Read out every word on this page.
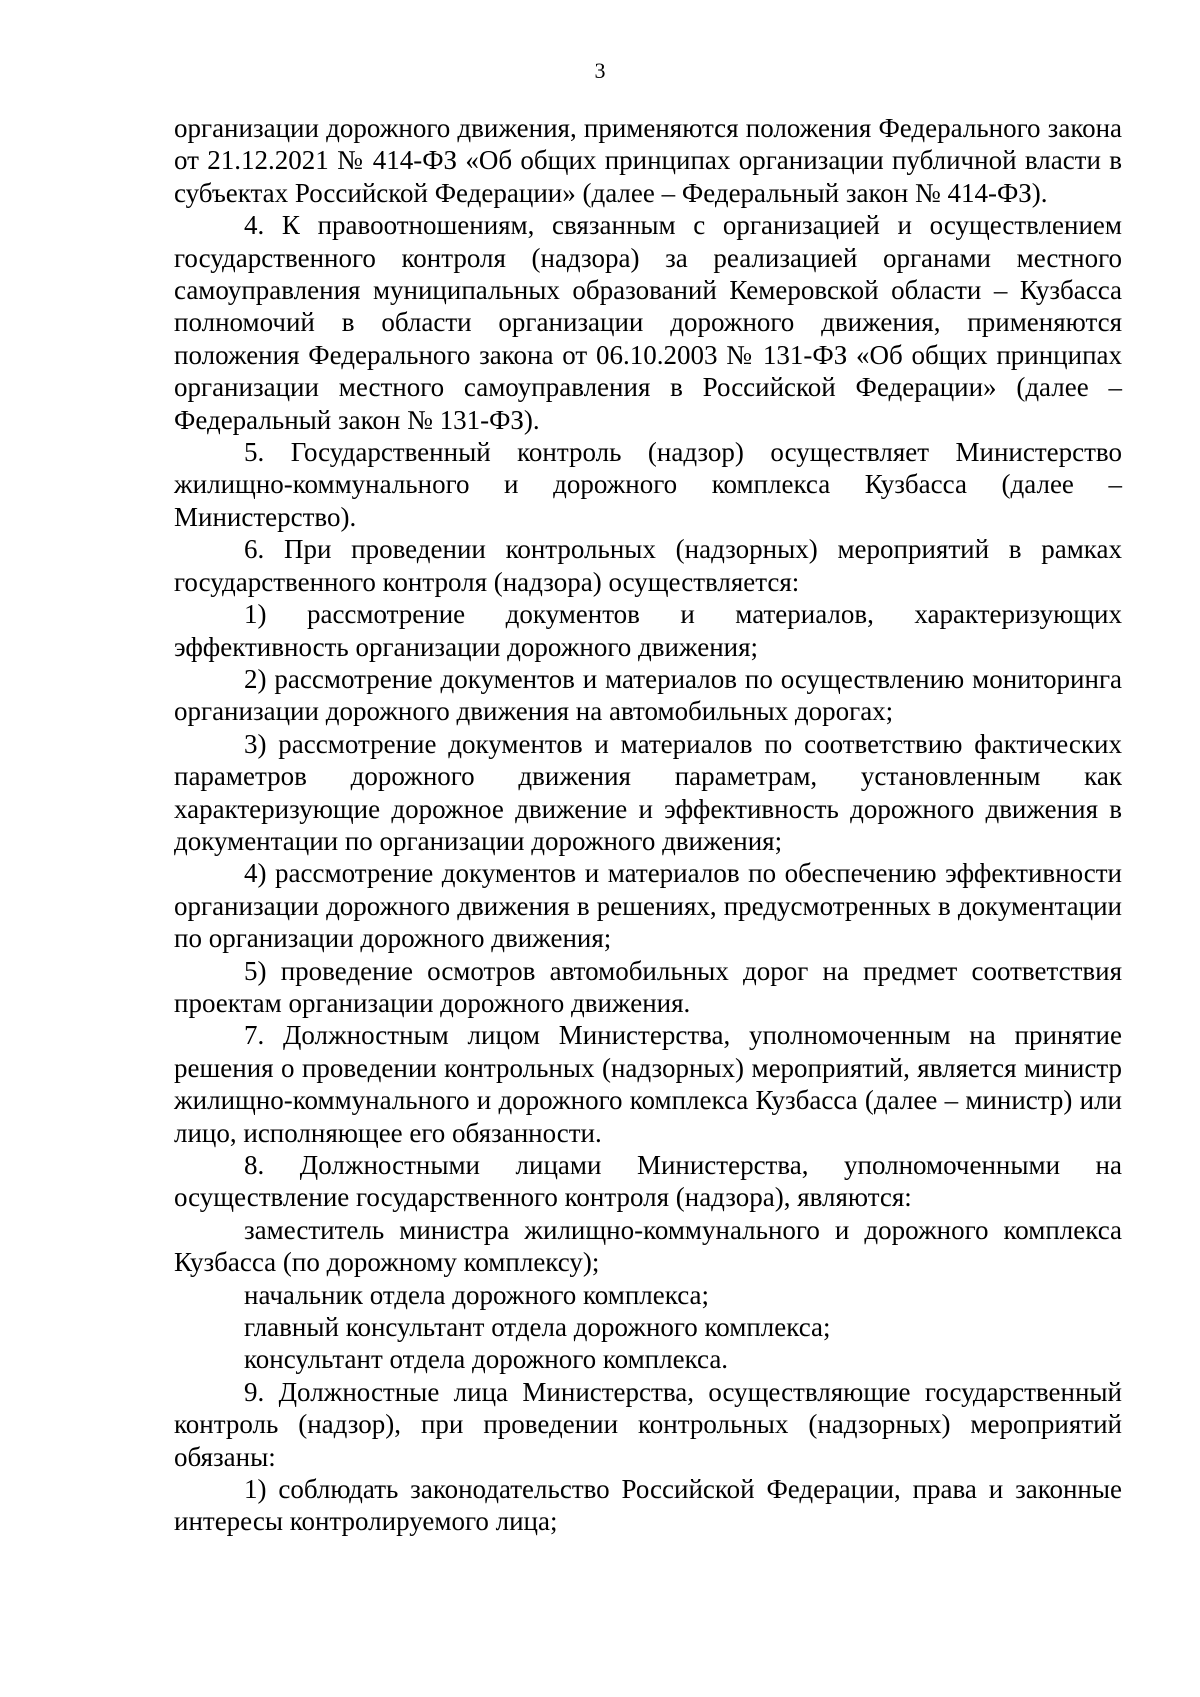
3

организации дорожного движения, применяются положения Федерального закона от 21.12.2021 № 414-ФЗ «Об общих принципах организации публичной власти в субъектах Российской Федерации» (далее – Федеральный закон № 414-ФЗ).

4. К правоотношениям, связанным с организацией и осуществлением государственного контроля (надзора) за реализацией органами местного самоуправления муниципальных образований Кемеровской области – Кузбасса полномочий в области организации дорожного движения, применяются положения Федерального закона от 06.10.2003 № 131-ФЗ «Об общих принципах организации местного самоуправления в Российской Федерации» (далее – Федеральный закон № 131-ФЗ).

5. Государственный контроль (надзор) осуществляет Министерство жилищно-коммунального и дорожного комплекса Кузбасса (далее – Министерство).

6. При проведении контрольных (надзорных) мероприятий в рамках государственного контроля (надзора) осуществляется:

1) рассмотрение документов и материалов, характеризующих эффективность организации дорожного движения;

2) рассмотрение документов и материалов по осуществлению мониторинга организации дорожного движения на автомобильных дорогах;

3) рассмотрение документов и материалов по соответствию фактических параметров дорожного движения параметрам, установленным как характеризующие дорожное движение и эффективность дорожного движения в документации по организации дорожного движения;

4) рассмотрение документов и материалов по обеспечению эффективности организации дорожного движения в решениях, предусмотренных в документации по организации дорожного движения;

5) проведение осмотров автомобильных дорог на предмет соответствия проектам организации дорожного движения.

7. Должностным лицом Министерства, уполномоченным на принятие решения о проведении контрольных (надзорных) мероприятий, является министр жилищно-коммунального и дорожного комплекса Кузбасса (далее – министр) или лицо, исполняющее его обязанности.

8. Должностными лицами Министерства, уполномоченными на осуществление государственного контроля (надзора), являются:

заместитель министра жилищно-коммунального и дорожного комплекса Кузбасса (по дорожному комплексу);

начальник отдела дорожного комплекса;

главный консультант отдела дорожного комплекса;

консультант отдела дорожного комплекса.

9. Должностные лица Министерства, осуществляющие государственный контроль (надзор), при проведении контрольных (надзорных) мероприятий обязаны:

1) соблюдать законодательство Российской Федерации, права и законные интересы контролируемого лица;
